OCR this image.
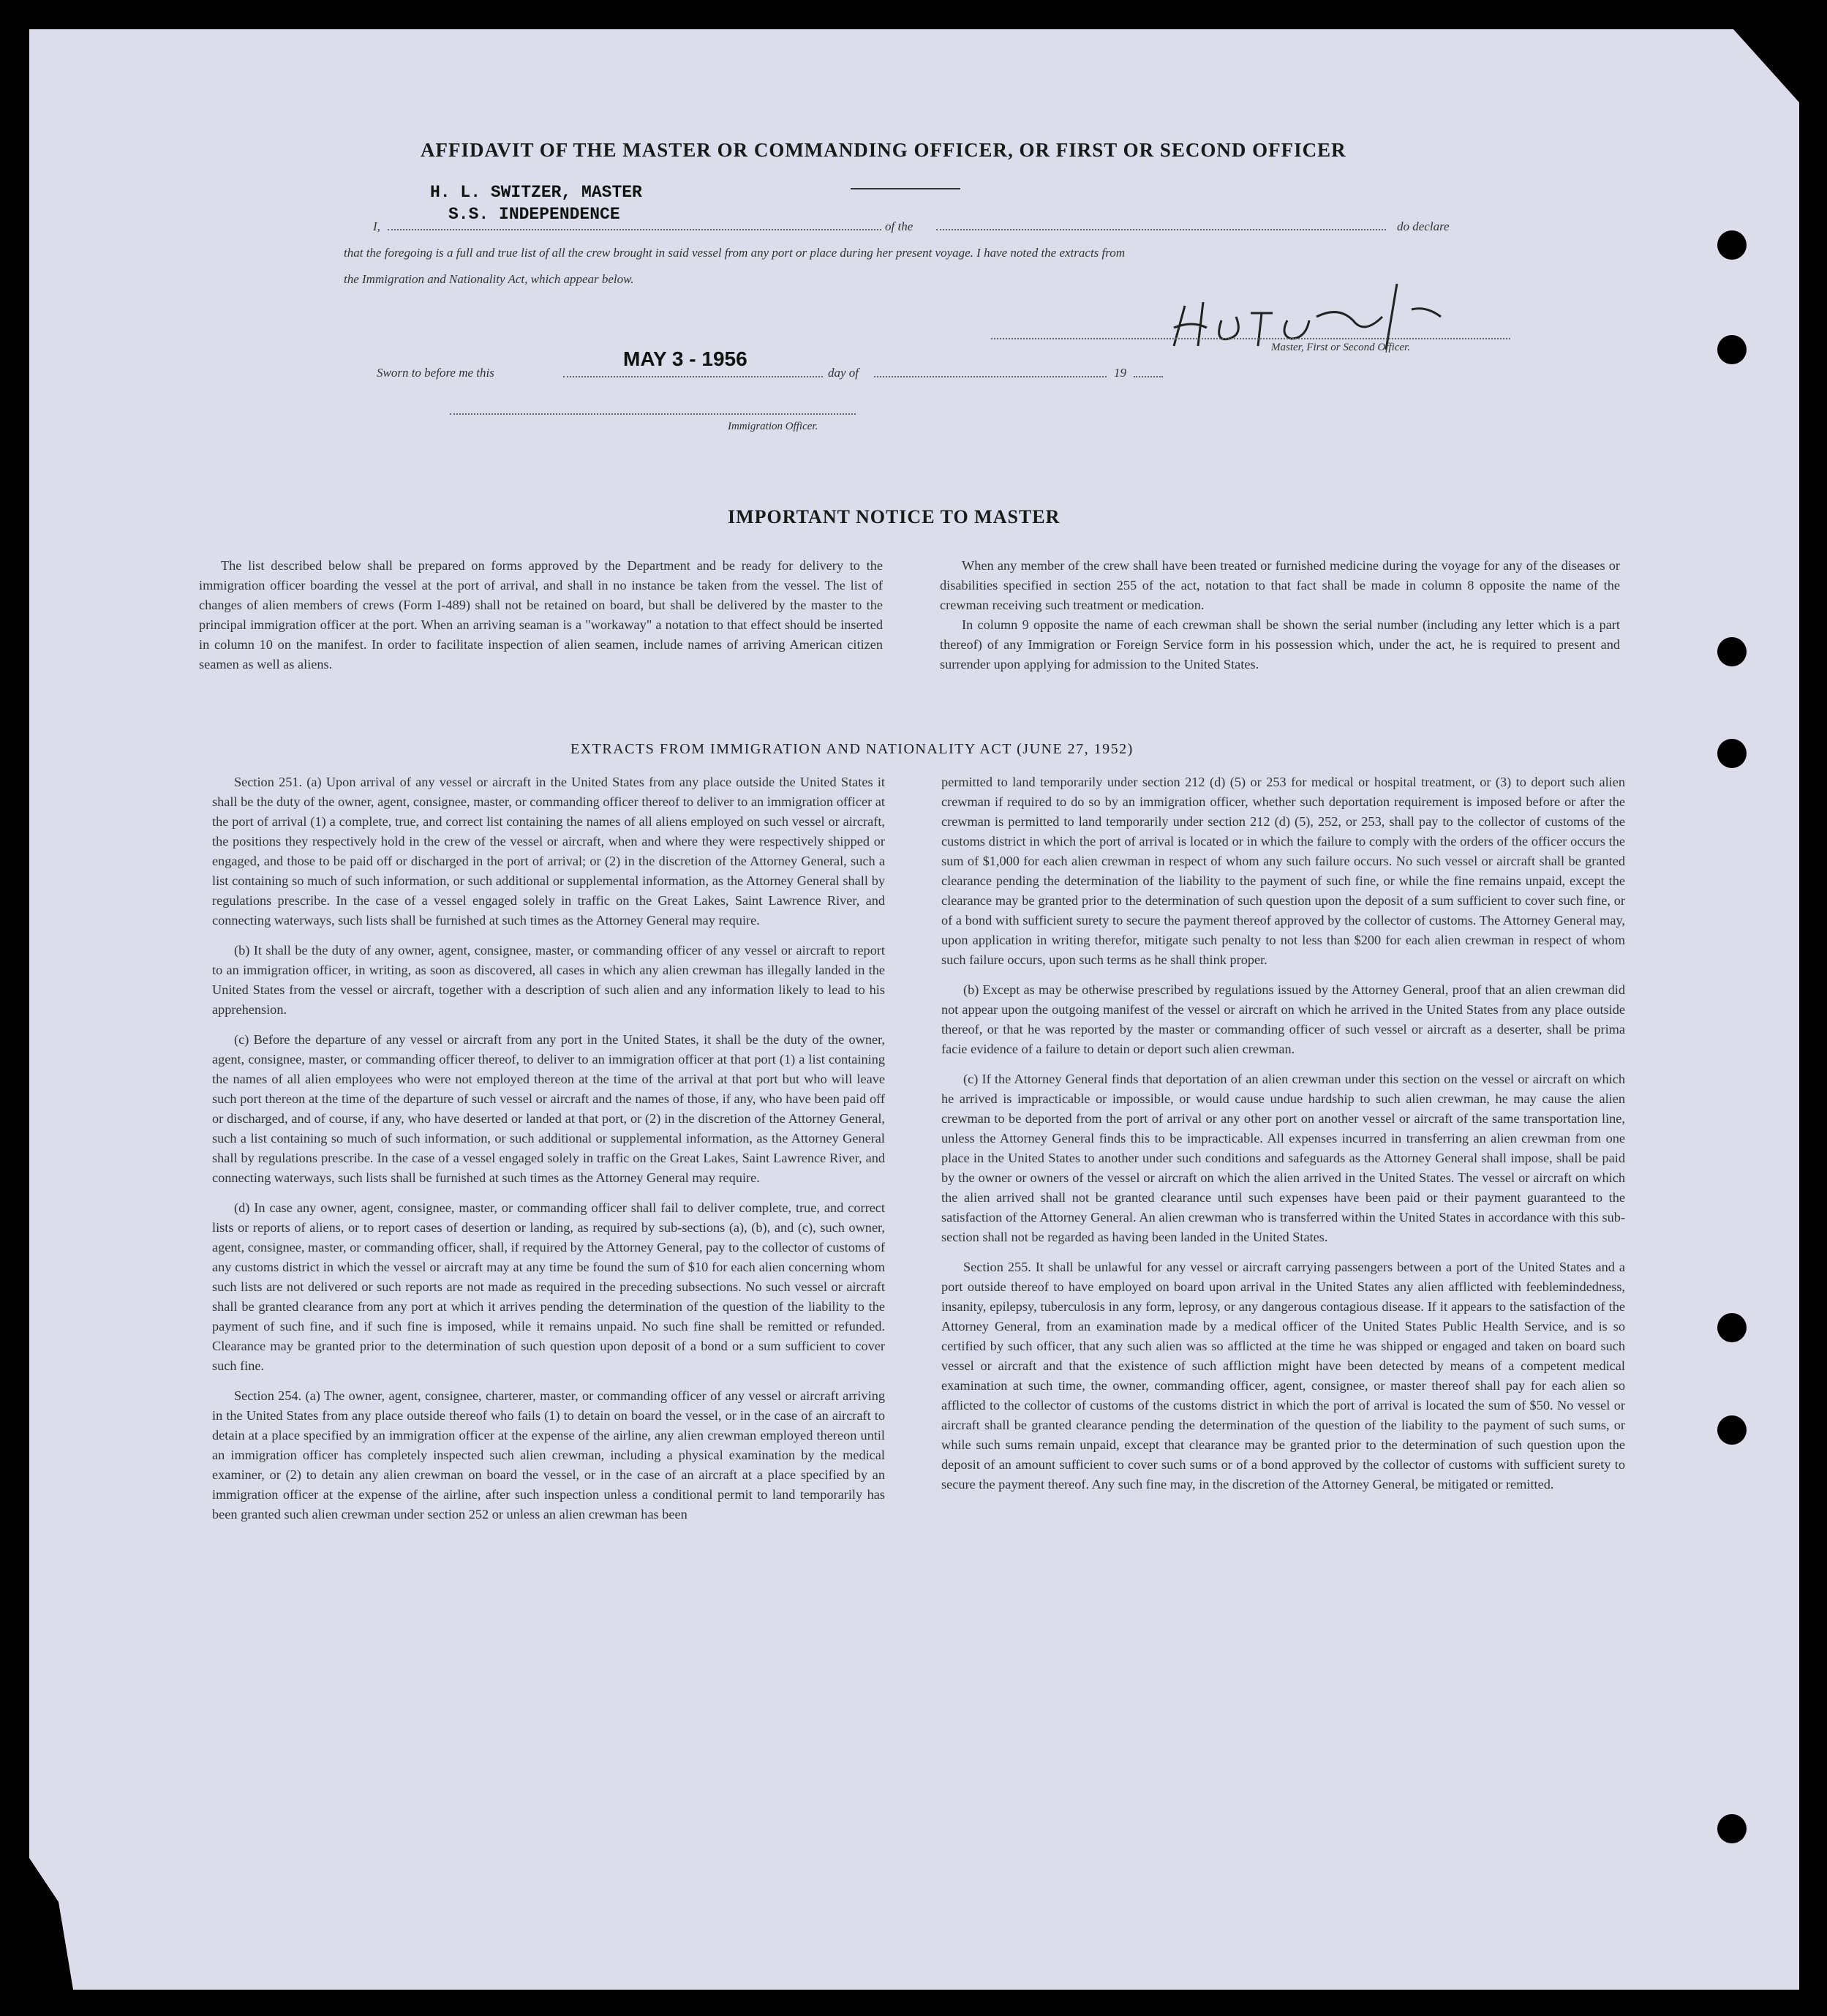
AFFIDAVIT OF THE MASTER OR COMMANDING OFFICER, OR FIRST OR SECOND OFFICER
H. L. SWITZER, MASTER
S.S. INDEPENDENCE
I,	of the	do declare
that the foregoing is a full and true list of all the crew brought in said vessel from any port or place during her present voyage. I have noted the extracts from
the Immigration and Nationality Act, which appear below.
Master, First or Second Officer.
Sworn to before me this
MAY 3 - 1956
day of	19
Immigration Officer.
IMPORTANT NOTICE TO MASTER

The list described below shall be prepared on forms approved by the Department and be ready for delivery to the immigration officer boarding the vessel at the port of arrival, and shall in no instance be taken from the vessel. The list of changes of alien members of crews (Form I-489) shall not be retained on board, but shall be delivered by the master to the principal immigration officer at the port. When an arriving seaman is a "workaway" a notation to that effect should be inserted in column 10 on the manifest. In order to facilitate inspection of alien seamen, include names of arriving American citizen seamen as well as aliens.

When any member of the crew shall have been treated or furnished medicine during the voyage for any of the diseases or disabilities specified in section 255 of the act, notation to that fact shall be made in column 8 opposite the name of the crewman receiving such treatment or medication.

In column 9 opposite the name of each crewman shall be shown the serial number (including any letter which is a part thereof) of any Immigration or Foreign Service form in his possession which, under the act, he is required to present and surrender upon applying for admission to the United States.

EXTRACTS FROM IMMIGRATION AND NATIONALITY ACT (JUNE 27, 1952)

Section 251. (a) Upon arrival of any vessel or aircraft in the United States from any place outside the United States it shall be the duty of the owner, agent, consignee, master, or commanding officer thereof to deliver to an immigration officer at the port of arrival (1) a complete, true, and correct list containing the names of all aliens employed on such vessel or aircraft, the positions they respectively hold in the crew of the vessel or aircraft, when and where they were respectively shipped or engaged, and those to be paid off or discharged in the port of arrival; or (2) in the discretion of the Attorney General, such a list containing so much of such information, or such additional or supplemental information, as the Attorney General shall by regulations prescribe. In the case of a vessel engaged solely in traffic on the Great Lakes, Saint Lawrence River, and connecting waterways, such lists shall be furnished at such times as the Attorney General may require.

(b) It shall be the duty of any owner, agent, consignee, master, or commanding officer of any vessel or aircraft to report to an immigration officer, in writing, as soon as discovered, all cases in which any alien crewman has illegally landed in the United States from the vessel or aircraft, together with a description of such alien and any information likely to lead to his apprehension.

(c) Before the departure of any vessel or aircraft from any port in the United States, it shall be the duty of the owner, agent, consignee, master, or commanding officer thereof, to deliver to an immigration officer at that port (1) a list containing the names of all alien employees who were not employed thereon at the time of the arrival at that port but who will leave such port thereon at the time of the departure of such vessel or aircraft and the names of those, if any, who have been paid off or discharged, and of course, if any, who have deserted or landed at that port, or (2) in the discretion of the Attorney General, such a list containing so much of such information, or such additional or supplemental information, as the Attorney General shall by regulations prescribe. In the case of a vessel engaged solely in traffic on the Great Lakes, Saint Lawrence River, and connecting waterways, such lists shall be furnished at such times as the Attorney General may require.

(d) In case any owner, agent, consignee, master, or commanding officer shall fail to deliver complete, true, and correct lists or reports of aliens, or to report cases of desertion or landing, as required by sub-sections (a), (b), and (c), such owner, agent, consignee, master, or commanding officer, shall, if required by the Attorney General, pay to the collector of customs of any customs district in which the vessel or aircraft may at any time be found the sum of $10 for each alien concerning whom such lists are not delivered or such reports are not made as required in the preceding subsections. No such vessel or aircraft shall be granted clearance from any port at which it arrives pending the determination of the question of the liability to the payment of such fine, and if such fine is imposed, while it remains unpaid. No such fine shall be remitted or refunded. Clearance may be granted prior to the determination of such question upon deposit of a bond or a sum sufficient to cover such fine.

Section 254. (a) The owner, agent, consignee, charterer, master, or commanding officer of any vessel or aircraft arriving in the United States from any place outside thereof who fails (1) to detain on board the vessel, or in the case of an aircraft to detain at a place specified by an immigration officer at the expense of the airline, any alien crewman employed thereon until an immigration officer has completely inspected such alien crewman, including a physical examination by the medical examiner, or (2) to detain any alien crewman on board the vessel, or in the case of an aircraft at a place specified by an immigration officer at the expense of the airline, after such inspection unless a conditional permit to land temporarily has been granted such alien crewman under section 252 or unless an alien crewman has been

permitted to land temporarily under section 212 (d) (5) or 253 for medical or hospital treatment, or (3) to deport such alien crewman if required to do so by an immigration officer, whether such deportation requirement is imposed before or after the crewman is permitted to land temporarily under section 212 (d) (5), 252, or 253, shall pay to the collector of customs of the customs district in which the port of arrival is located or in which the failure to comply with the orders of the officer occurs the sum of $1,000 for each alien crewman in respect of whom any such failure occurs. No such vessel or aircraft shall be granted clearance pending the determination of the liability to the payment of such fine, or while the fine remains unpaid, except the clearance may be granted prior to the determination of such question upon the deposit of a sum sufficient to cover such fine, or of a bond with sufficient surety to secure the payment thereof approved by the collector of customs. The Attorney General may, upon application in writing therefor, mitigate such penalty to not less than $200 for each alien crewman in respect of whom such failure occurs, upon such terms as he shall think proper.

(b) Except as may be otherwise prescribed by regulations issued by the Attorney General, proof that an alien crewman did not appear upon the outgoing manifest of the vessel or aircraft on which he arrived in the United States from any place outside thereof, or that he was reported by the master or commanding officer of such vessel or aircraft as a deserter, shall be prima facie evidence of a failure to detain or deport such alien crewman.

(c) If the Attorney General finds that deportation of an alien crewman under this section on the vessel or aircraft on which he arrived is impracticable or impossible, or would cause undue hardship to such alien crewman, he may cause the alien crewman to be deported from the port of arrival or any other port on another vessel or aircraft of the same transportation line, unless the Attorney General finds this to be impracticable. All expenses incurred in transferring an alien crewman from one place in the United States to another under such conditions and safeguards as the Attorney General shall impose, shall be paid by the owner or owners of the vessel or aircraft on which the alien arrived in the United States. The vessel or aircraft on which the alien arrived shall not be granted clearance until such expenses have been paid or their payment guaranteed to the satisfaction of the Attorney General. An alien crewman who is transferred within the United States in accordance with this sub-section shall not be regarded as having been landed in the United States.

Section 255. It shall be unlawful for any vessel or aircraft carrying passengers between a port of the United States and a port outside thereof to have employed on board upon arrival in the United States any alien afflicted with feeblemindedness, insanity, epilepsy, tuberculosis in any form, leprosy, or any dangerous contagious disease. If it appears to the satisfaction of the Attorney General, from an examination made by a medical officer of the United States Public Health Service, and is so certified by such officer, that any such alien was so afflicted at the time he was shipped or engaged and taken on board such vessel or aircraft and that the existence of such affliction might have been detected by means of a competent medical examination at such time, the owner, commanding officer, agent, consignee, or master thereof shall pay for each alien so afflicted to the collector of customs of the customs district in which the port of arrival is located the sum of $50. No vessel or aircraft shall be granted clearance pending the determination of the question of the liability to the payment of such sums, or while such sums remain unpaid, except that clearance may be granted prior to the determination of such question upon the deposit of an amount sufficient to cover such sums or of a bond approved by the collector of customs with sufficient surety to secure the payment thereof. Any such fine may, in the discretion of the Attorney General, be mitigated or remitted.
